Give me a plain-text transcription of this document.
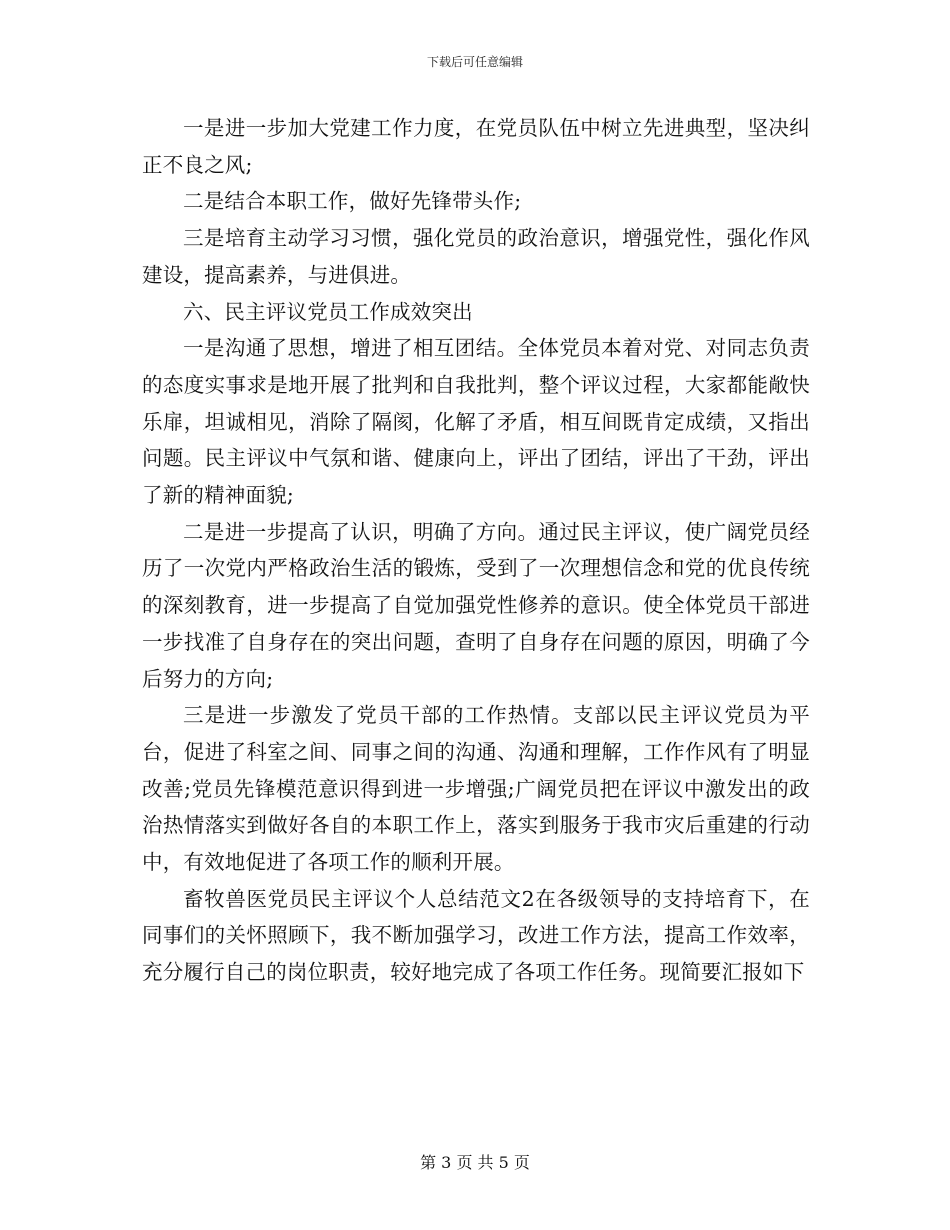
下载后可任意编辑

一是进一步加大党建工作力度，在党员队伍中树立先进典型，坚决纠正不良之风;

二是结合本职工作，做好先锋带头作;

三是培育主动学习习惯，强化党员的政治意识，增强党性，强化作风建设，提高素养，与进俱进。

六、民主评议党员工作成效突出

一是沟通了思想，增进了相互团结。全体党员本着对党、对同志负责的态度实事求是地开展了批判和自我批判，整个评议过程，大家都能敞快乐扉，坦诚相见，消除了隔阂，化解了矛盾，相互间既肯定成绩，又指出问题。民主评议中气氛和谐、健康向上，评出了团结，评出了干劲，评出了新的精神面貌;

二是进一步提高了认识，明确了方向。通过民主评议，使广阔党员经历了一次党内严格政治生活的锻炼，受到了一次理想信念和党的优良传统的深刻教育，进一步提高了自觉加强党性修养的意识。使全体党员干部进一步找准了自身存在的突出问题，查明了自身存在问题的原因，明确了今后努力的方向;

三是进一步激发了党员干部的工作热情。支部以民主评议党员为平台，促进了科室之间、同事之间的沟通、沟通和理解，工作作风有了明显改善;党员先锋模范意识得到进一步增强;广阔党员把在评议中激发出的政治热情落实到做好各自的本职工作上，落实到服务于我市灾后重建的行动中，有效地促进了各项工作的顺利开展。

畜牧兽医党员民主评议个人总结范文2在各级领导的支持培育下，在同事们的关怀照顾下，我不断加强学习，改进工作方法，提高工作效率，充分履行自己的岗位职责，较好地完成了各项工作任务。现简要汇报如下

第 3 页 共 5 页
